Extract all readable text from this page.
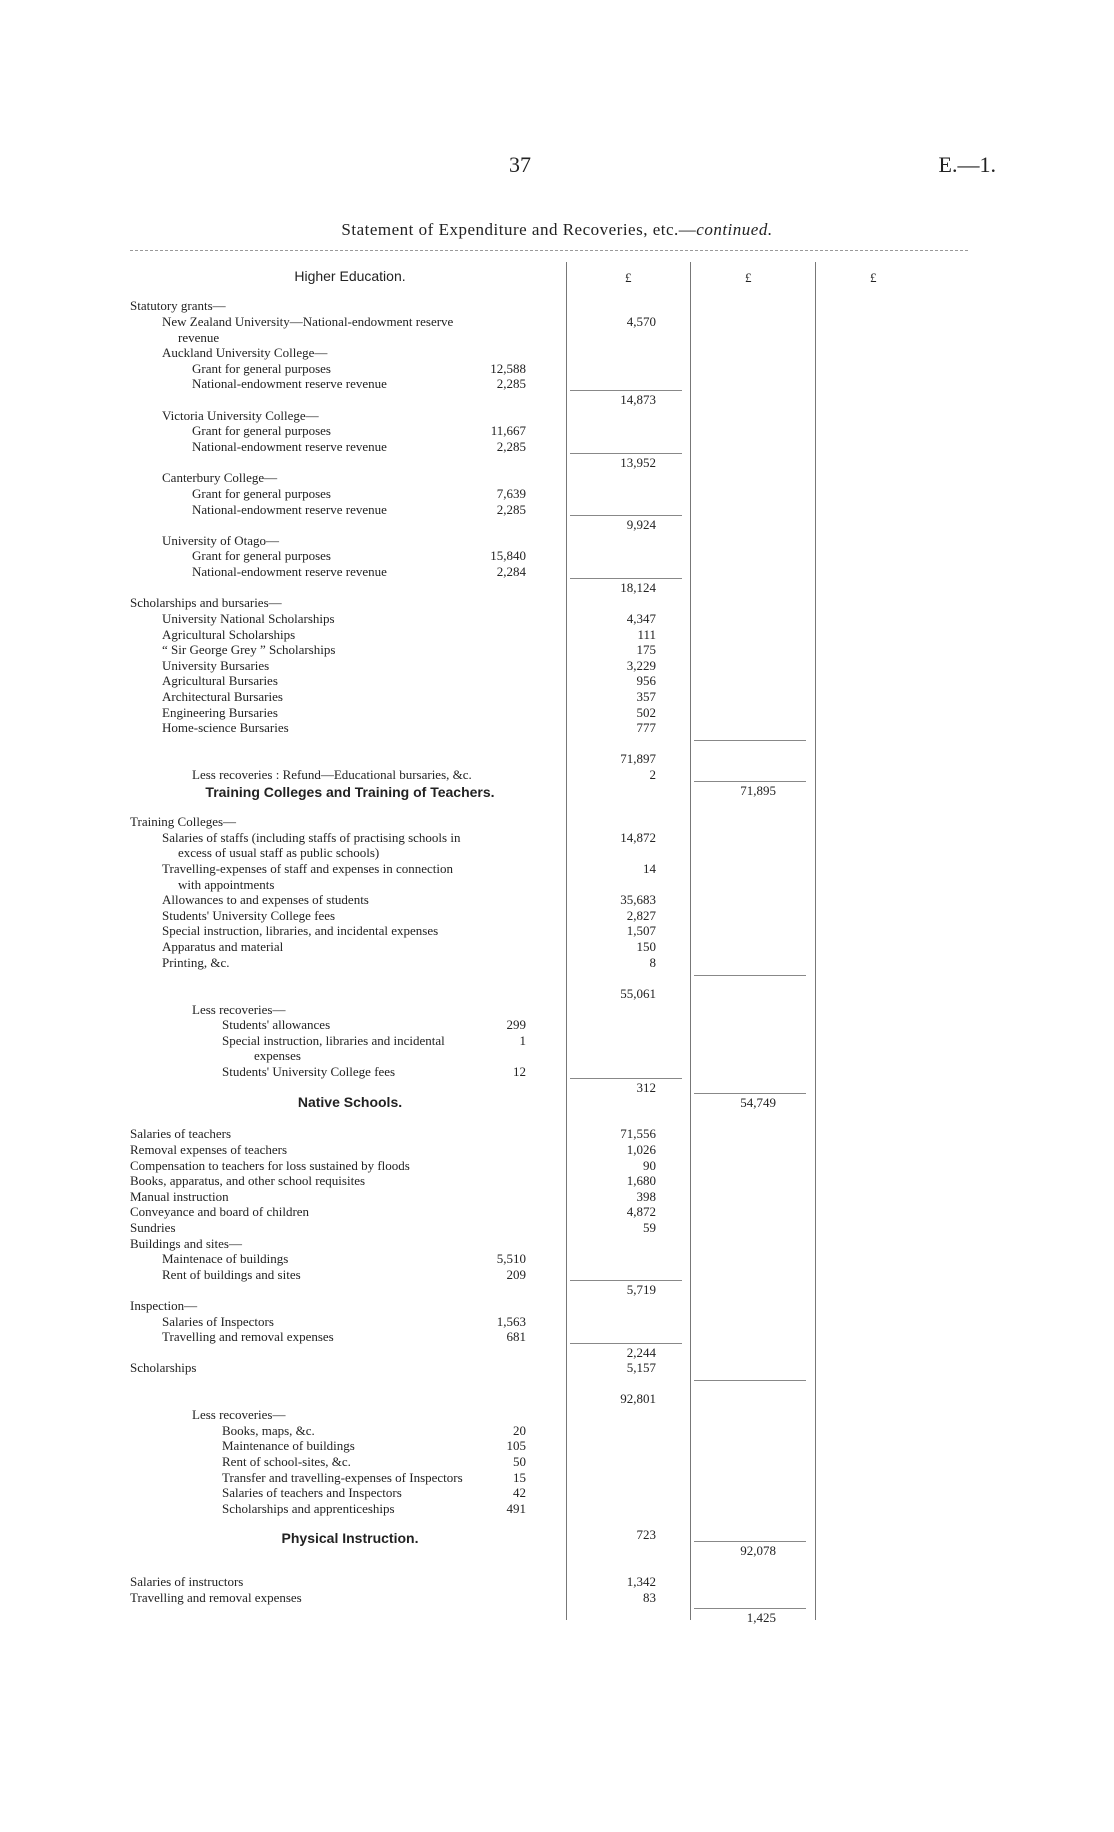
37	E.—1.
Statement of Expenditure and Recoveries, etc.—continued.
£	£	£
Higher Education.
Training Colleges and Training of Teachers.
Native Schools.
Physical Instruction.
Statutory grants—
New Zealand University—National-endowment reserve	4,570
revenue
Auckland University College—
Grant for general purposes	12,588
National-endowment reserve revenue	2,285
14,873
Victoria University College—
Grant for general purposes	11,667
National-endowment reserve revenue	2,285
13,952
Canterbury College—
Grant for general purposes	7,639
National-endowment reserve revenue	2,285
9,924
University of Otago—
Grant for general purposes	15,840
National-endowment reserve revenue	2,284
18,124
Scholarships and bursaries—
University National Scholarships	4,347
Agricultural Scholarships	111
“ Sir George Grey ” Scholarships	175
University Bursaries	3,229
Agricultural Bursaries	956
Architectural Bursaries	357
Engineering Bursaries	502
Home-science Bursaries	777
71,897
Less recoveries : Refund—Educational bursaries, &c.	2
71,895
Training Colleges—
Salaries of staffs (including staffs of practising schools in	14,872
excess of usual staff as public schools)
Travelling-expenses of staff and expenses in connection	14
with appointments
Allowances to and expenses of students	35,683
Students' University College fees	2,827
Special instruction, libraries, and incidental expenses	1,507
Apparatus and material	150
Printing, &c.	8
55,061
Less recoveries—
Students' allowances	299
Special instruction, libraries and incidental	1
expenses
Students' University College fees	12
312
54,749
Salaries of teachers	71,556
Removal expenses of teachers	1,026
Compensation to teachers for loss sustained by floods	90
Books, apparatus, and other school requisites	1,680
Manual instruction	398
Conveyance and board of children	4,872
Sundries	59
Buildings and sites—
Maintenace of buildings	5,510
Rent of buildings and sites	209
5,719
Inspection—
Salaries of Inspectors	1,563
Travelling and removal expenses	681
2,244
Scholarships	5,157
92,801
Less recoveries—
Books, maps, &c.	20
Maintenance of buildings	105
Rent of school-sites, &c.	50
Transfer and travelling-expenses of Inspectors	15
Salaries of teachers and Inspectors	42
Scholarships and apprenticeships	491
723
92,078
Salaries of instructors	1,342
Travelling and removal expenses	83
1,425
